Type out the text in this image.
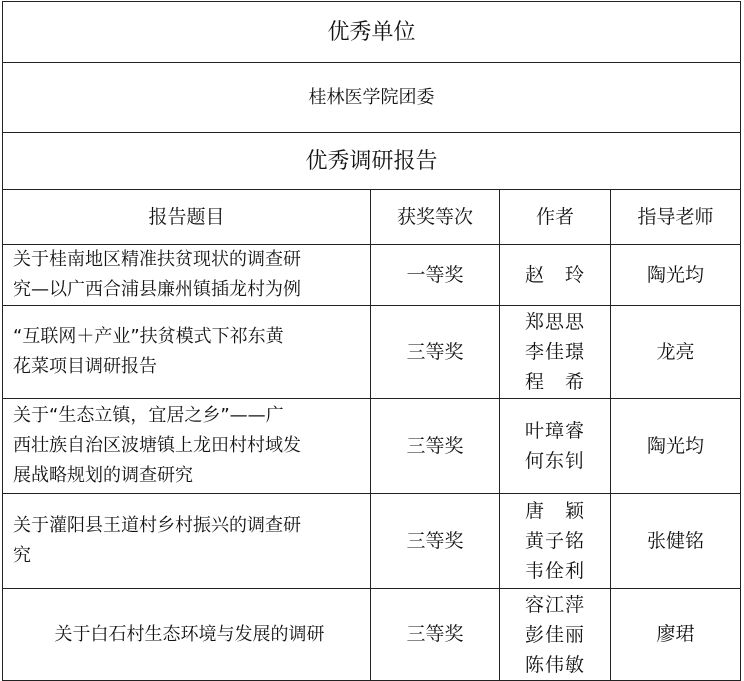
优秀单位			
桂林医学院团委			
优秀调研报告			
报告题目	获奖等次	作者	指导老师

关于桂南地区精准扶贫现状的调查研
究—以广西合浦县廉州镇插龙村为例	一等奖	赵　玲	陶光均

“互联网＋产业”扶贫模式下祁东黄
花菜项目调研报告	三等奖	郑思思
李佳璟
程　希	龙亮

关于“生态立镇，宜居之乡”——广
西壮族自治区波塘镇上龙田村村域发
展战略规划的调查研究	三等奖	叶璋睿
何东钊	陶光均

关于灌阳县王道村乡村振兴的调查研
究	三等奖	唐　颖
黄子铭
韦佺利	张健铭

关于白石村生态环境与发展的调研	三等奖	容江萍
彭佳丽
陈伟敏	廖珺
